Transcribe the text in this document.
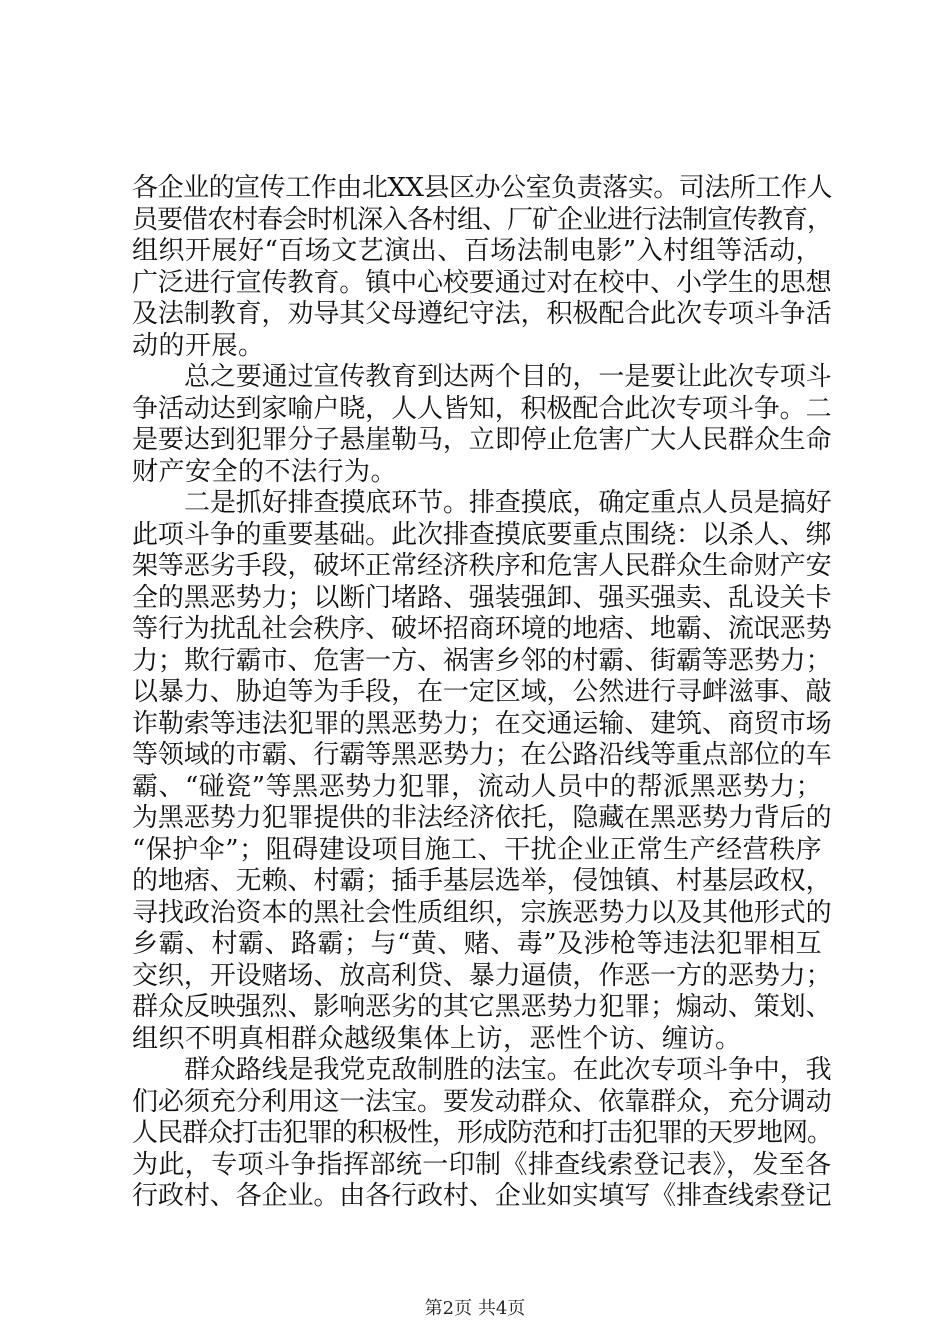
各企业的宣传工作由北XX县区办公室负责落实。司法所工作人
员要借农村春会时机深入各村组、厂矿企业进行法制宣传教育，
组织开展好“百场文艺演出、百场法制电影”入村组等活动，
广泛进行宣传教育。镇中心校要通过对在校中、小学生的思想
及法制教育，劝导其父母遵纪守法，积极配合此次专项斗争活
动的开展。

总之要通过宣传教育到达两个目的，一是要让此次专项斗
争活动达到家喻户晓，人人皆知，积极配合此次专项斗争。二
是要达到犯罪分子悬崖勒马，立即停止危害广大人民群众生命
财产安全的不法行为。

二是抓好排查摸底环节。排查摸底，确定重点人员是搞好
此项斗争的重要基础。此次排查摸底要重点围绕：以杀人、绑
架等恶劣手段，破坏正常经济秩序和危害人民群众生命财产安
全的黑恶势力；以断门堵路、强装强卸、强买强卖、乱设关卡
等行为扰乱社会秩序、破坏招商环境的地痞、地霸、流氓恶势
力；欺行霸市、危害一方、祸害乡邻的村霸、街霸等恶势力；
以暴力、胁迫等为手段，在一定区域，公然进行寻衅滋事、敲
诈勒索等违法犯罪的黑恶势力；在交通运输、建筑、商贸市场
等领域的市霸、行霸等黑恶势力；在公路沿线等重点部位的车
霸、“碰瓷”等黑恶势力犯罪，流动人员中的帮派黑恶势力；
为黑恶势力犯罪提供的非法经济依托，隐藏在黑恶势力背后的
“保护伞”；阻碍建设项目施工、干扰企业正常生产经营秩序
的地痞、无赖、村霸；插手基层选举，侵蚀镇、村基层政权，
寻找政治资本的黑社会性质组织，宗族恶势力以及其他形式的
乡霸、村霸、路霸；与“黄、赌、毒”及涉枪等违法犯罪相互
交织，开设赌场、放高利贷、暴力逼债，作恶一方的恶势力；
群众反映强烈、影响恶劣的其它黑恶势力犯罪；煽动、策划、
组织不明真相群众越级集体上访，恶性个访、缠访。

群众路线是我党克敌制胜的法宝。在此次专项斗争中，我
们必须充分利用这一法宝。要发动群众、依靠群众，充分调动
人民群众打击犯罪的积极性，形成防范和打击犯罪的天罗地网。
为此，专项斗争指挥部统一印制《排查线索登记表》，发至各
行政村、各企业。由各行政村、企业如实填写《排查线索登记

第2页 共4页
